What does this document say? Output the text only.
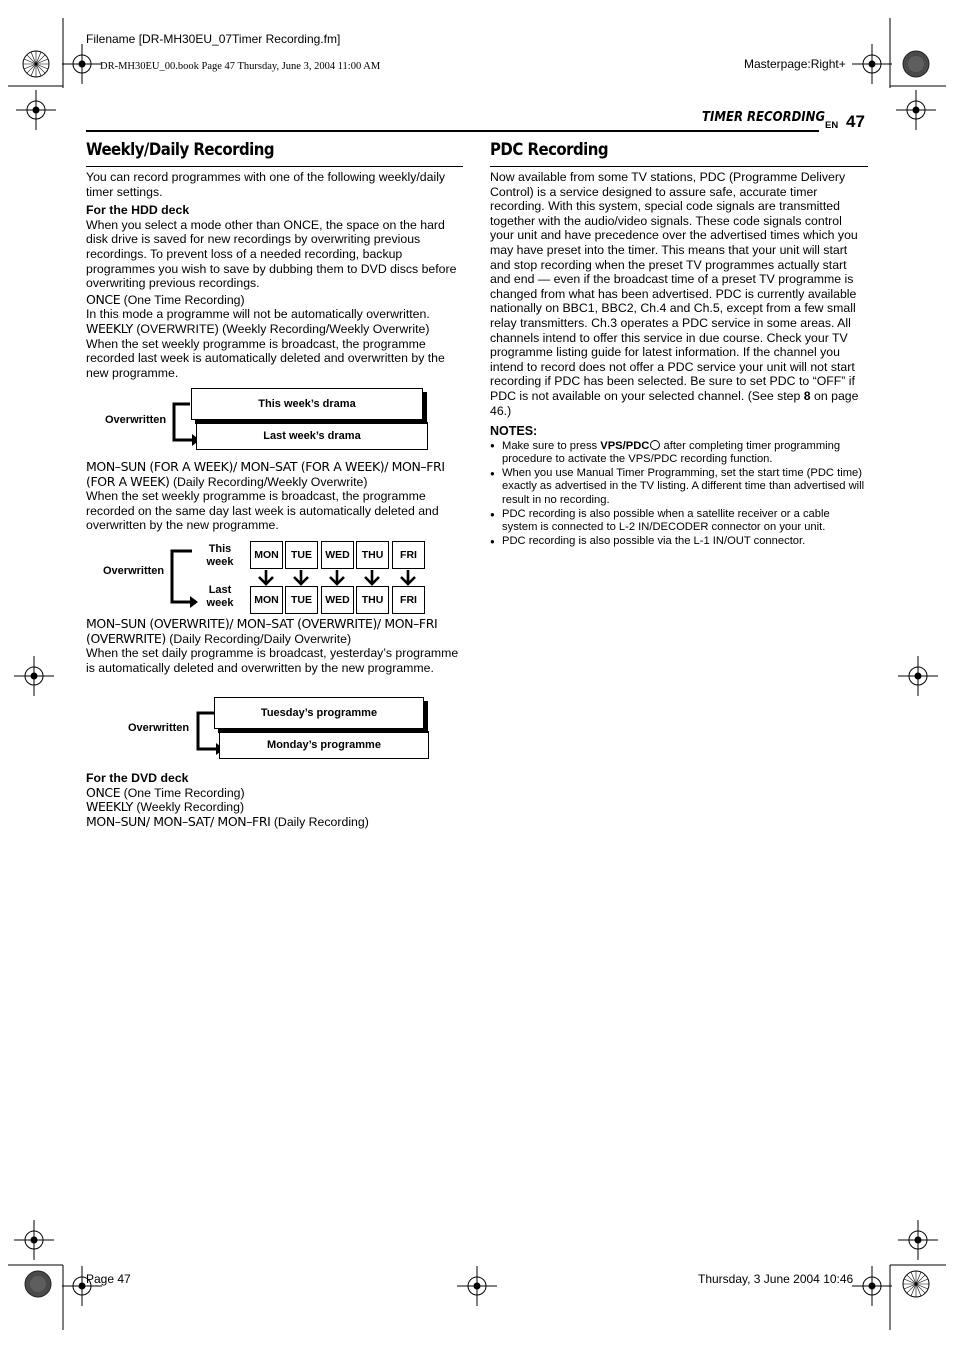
Filename [DR-MH30EU_07Timer Recording.fm]
DR-MH30EU_00.book Page 47 Thursday, June 3, 2004 11:00 AM	Masterpage:Right+
Page 47	Thursday, 3 June 2004 10:46
TIMER RECORDING
EN 47
Weekly/Daily Recording

You can record programmes with one of the following weekly/daily timer settings.

For the HDD deck

When you select a mode other than ONCE, the space on the hard disk drive is saved for new recordings by overwriting previous recordings. To prevent loss of a needed recording, backup programmes you wish to save by dubbing them to DVD discs before overwriting previous recordings.

ONCE (One Time Recording)

In this mode a programme will not be automatically overwritten.

WEEKLY (OVERWRITE) (Weekly Recording/Weekly Overwrite)

When the set weekly programme is broadcast, the programme recorded last week is automatically deleted and overwritten by the new programme.

Overwritten
Last week’s drama
This week’s drama

MON–SUN (FOR A WEEK)/ MON–SAT (FOR A WEEK)/ MON–FRI (FOR A WEEK) (Daily Recording/Weekly Overwrite)

When the set weekly programme is broadcast, the programme recorded on the same day last week is automatically deleted and overwritten by the new programme.

Overwritten
This week
Last week
MON	TUE	WED	THU	FRI
MON	TUE	WED	THU	FRI

MON–SUN (OVERWRITE)/ MON–SAT (OVERWRITE)/ MON–FRI (OVERWRITE) (Daily Recording/Daily Overwrite)

When the set daily programme is broadcast, yesterday’s programme is automatically deleted and overwritten by the new programme.

Overwritten
Monday’s programme
Tuesday’s programme

For the DVD deck

ONCE (One Time Recording)

WEEKLY (Weekly Recording)

MON–SUN/ MON–SAT/ MON–FRI (Daily Recording)

PDC Recording

Now available from some TV stations, PDC (Programme Delivery Control) is a service designed to assure safe, accurate timer recording. With this system, special code signals are transmitted together with the audio/video signals. These code signals control your unit and have precedence over the advertised times which you may have preset into the timer. This means that your unit will start and stop recording when the preset TV programmes actually start and end — even if the broadcast time of a preset TV programme is changed from what has been advertised. PDC is currently available nationally on BBC1, BBC2, Ch.4 and Ch.5, except from a few small relay transmitters. Ch.3 operates a PDC service in some areas. All channels intend to offer this service in due course. Check your TV programme listing guide for latest information. If the channel you intend to record does not offer a PDC service your unit will not start recording if PDC has been selected. Be sure to set PDC to “OFF” if PDC is not available on your selected channel. (See step 8 on page 46.)

NOTES:

● Make sure to press VPS/PDC after completing timer programming procedure to activate the VPS/PDC recording function.
● When you use Manual Timer Programming, set the start time (PDC time) exactly as advertised in the TV listing. A different time than advertised will result in no recording.
● PDC recording is also possible when a satellite receiver or a cable system is connected to L-2 IN/DECODER connector on your unit.
● PDC recording is also possible via the L-1 IN/OUT connector.
